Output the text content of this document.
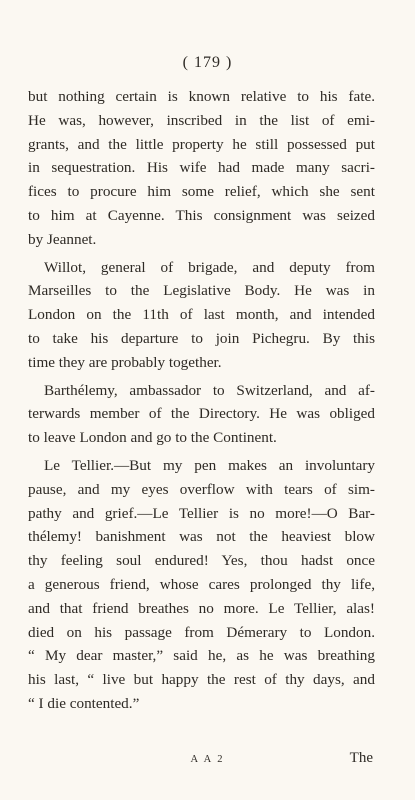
( 179 )
but nothing certain is known relative to his fate.
He was, however, inscribed in the list of emi-
grants, and the little property he still possessed put
in sequestration. His wife had made many sacri-
fices to procure him some relief, which she sent
to him at Cayenne. This consignment was seized
by Jeannet.
Willot, general of brigade, and deputy from
Marseilles to the Legislative Body. He was in
London on the 11th of last month, and intended
to take his departure to join Pichegru. By this
time they are probably together.
Barthélemy, ambassador to Switzerland, and af-
terwards member of the Directory. He was obliged
to leave London and go to the Continent.
Le Tellier.—But my pen makes an involuntary
pause, and my eyes overflow with tears of sim-
pathy and grief.—Le Tellier is no more!—O Bar-
thélemy! banishment was not the heaviest blow
thy feeling soul endured! Yes, thou hadst once
a generous friend, whose cares prolonged thy life,
and that friend breathes no more. Le Tellier, alas!
died on his passage from Démerary to London.
“ My dear master,” said he, as he was breathing
his last, “ live but happy the rest of thy days, and
“ I die contented.”
A A 2	The
